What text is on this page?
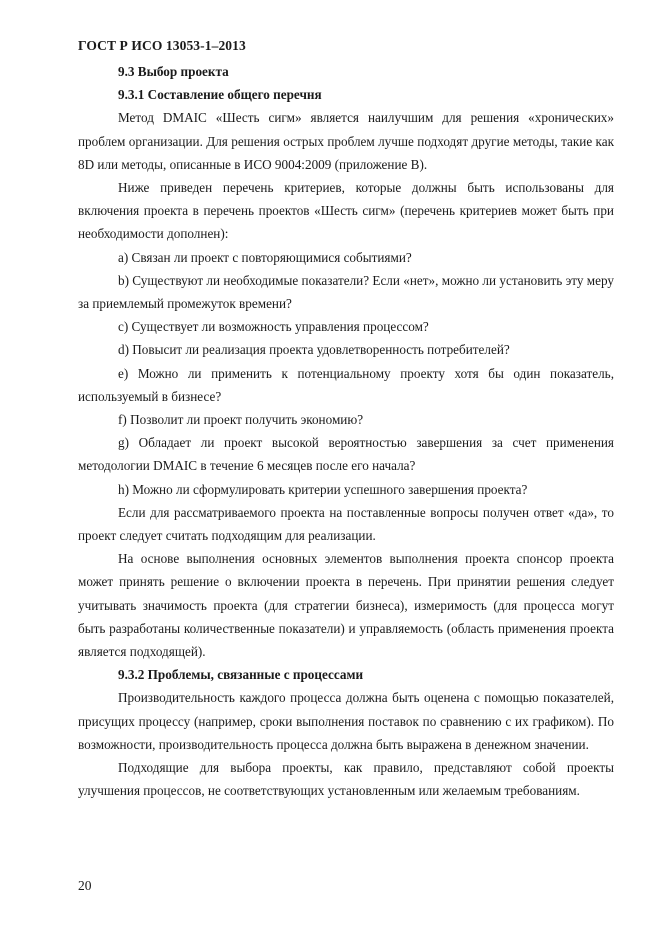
ГОСТ Р ИСО 13053-1–2013

9.3 Выбор проекта

9.3.1 Составление общего перечня

Метод DMAIC «Шесть сигм» является наилучшим для решения «хронических» проблем организации. Для решения острых проблем лучше подходят другие методы, такие как 8D или методы, описанные в ИСО 9004:2009 (приложение В).

Ниже приведен перечень критериев, которые должны быть использованы для включения проекта в перечень проектов «Шесть сигм» (перечень критериев может быть при необходимости дополнен):

a) Связан ли проект с повторяющимися событиями?

b) Существуют ли необходимые показатели? Если «нет», можно ли установить эту меру за приемлемый промежуток времени?

c) Существует ли возможность управления процессом?

d) Повысит ли реализация проекта удовлетворенность потребителей?

e) Можно ли применить к потенциальному проекту хотя бы один показатель, используемый в бизнесе?

f) Позволит ли проект получить экономию?

g) Обладает ли проект высокой вероятностью завершения за счет применения методологии DMAIC в течение 6 месяцев после его начала?

h) Можно ли сформулировать критерии успешного завершения проекта?

Если для рассматриваемого проекта на поставленные вопросы получен ответ «да», то проект следует считать подходящим для реализации.

На основе выполнения основных элементов выполнения проекта спонсор проекта может принять решение о включении проекта в перечень. При принятии решения следует учитывать значимость проекта (для стратегии бизнеса), измеримость (для процесса могут быть разработаны количественные показатели) и управляемость (область применения проекта является подходящей).

9.3.2 Проблемы, связанные с процессами

Производительность каждого процесса должна быть оценена с помощью показателей, присущих процессу (например, сроки выполнения поставок по сравнению с их графиком). По возможности, производительность процесса должна быть выражена в денежном значении.

Подходящие для выбора проекты, как правило, представляют собой проекты улучшения процессов, не соответствующих установленным или желаемым требованиям.

20
